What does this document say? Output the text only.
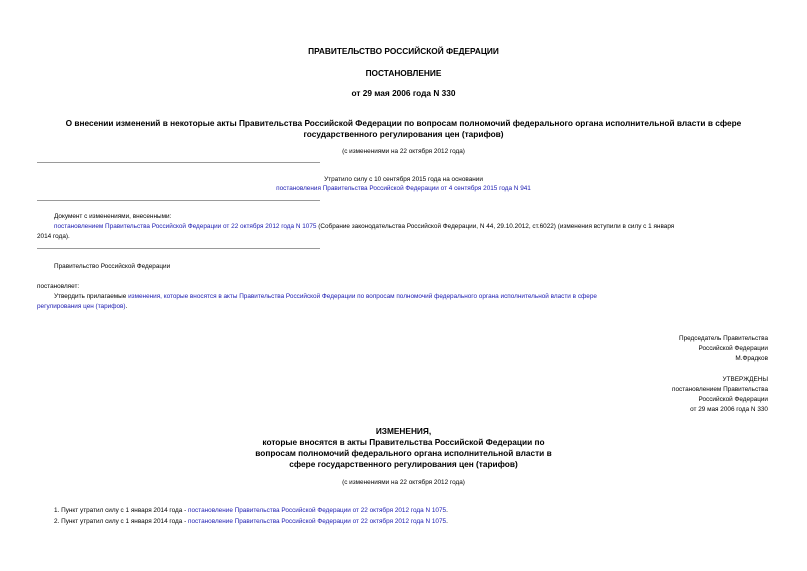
ПРАВИТЕЛЬСТВО РОССИЙСКОЙ ФЕДЕРАЦИИ
ПОСТАНОВЛЕНИЕ
от 29 мая 2006 года N 330
О внесении изменений в некоторые акты Правительства Российской Федерации по вопросам полномочий федерального органа исполнительной власти в сфере
государственного регулирования цен (тарифов)
(с изменениями на 22 октября 2012 года)
Утратило силу с 10 сентября 2015 года на основании
постановления Правительства Российской Федерации от 4 сентября 2015 года N 941
Документ с изменениями, внесенными:
постановлением Правительства Российской Федерации от 22 октября 2012 года N 1075 (Собрание законодательства Российской Федерации, N 44, 29.10.2012, ст.6022) (изменения вступили в силу с 1 января
2014 года).
Правительство Российской Федерации
постановляет:
Утвердить прилагаемые изменения, которые вносятся в акты Правительства Российской Федерации по вопросам полномочий федерального органа исполнительной власти в сфере
регулирования цен (тарифов).
Председатель Правительства
Российской Федерации
М.Фрадков
УТВЕРЖДЕНЫ
постановлением Правительства
Российской Федерации
от 29 мая 2006 года N 330
ИЗМЕНЕНИЯ,
которые вносятся в акты Правительства Российской Федерации по
вопросам полномочий федерального органа исполнительной власти в
сфере государственного регулирования цен (тарифов)
(с изменениями на 22 октября 2012 года)
1. Пункт утратил силу с 1 января 2014 года - постановление Правительства Российской Федерации от 22 октября 2012 года N 1075.
2. Пункт утратил силу с 1 января 2014 года - постановление Правительства Российской Федерации от 22 октября 2012 года N 1075.
